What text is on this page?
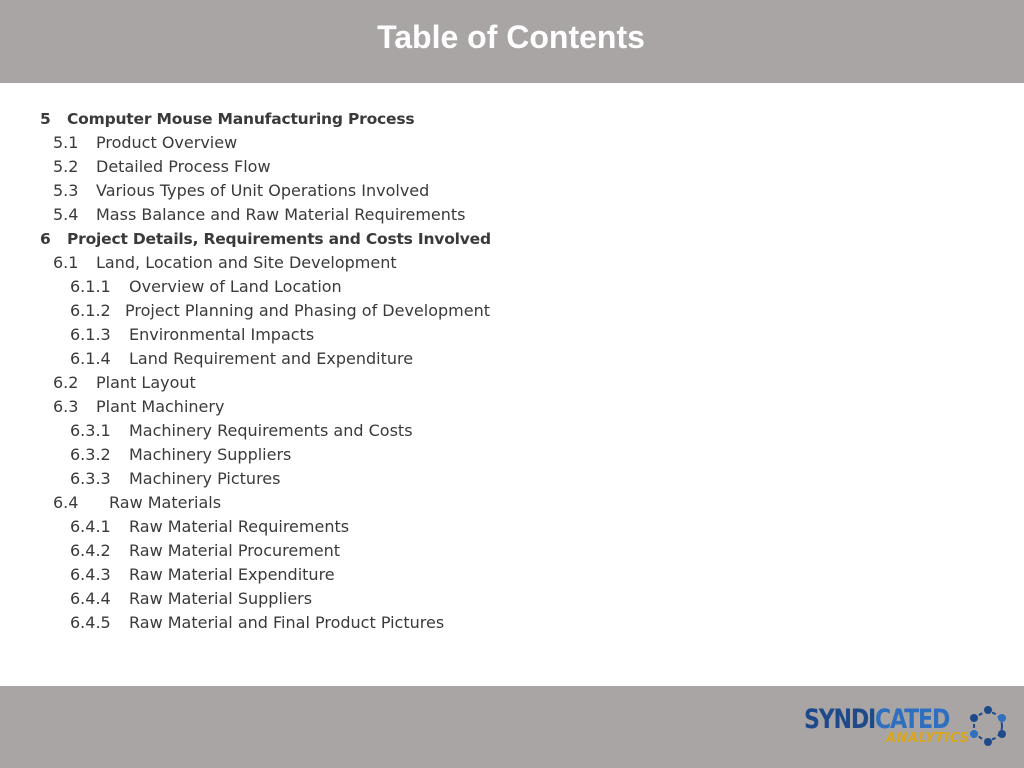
Table of Contents
5 Computer Mouse Manufacturing Process
5.1 Product Overview
5.2 Detailed Process Flow
5.3 Various Types of Unit Operations Involved
5.4 Mass Balance and Raw Material Requirements
6 Project Details, Requirements and Costs Involved
6.1 Land, Location and Site Development
6.1.1 Overview of Land Location
6.1.2 Project Planning and Phasing of Development
6.1.3 Environmental Impacts
6.1.4 Land Requirement and Expenditure
6.2 Plant Layout
6.3 Plant Machinery
6.3.1 Machinery Requirements and Costs
6.3.2 Machinery Suppliers
6.3.3 Machinery Pictures
6.4 Raw Materials
6.4.1 Raw Material Requirements
6.4.2 Raw Material Procurement
6.4.3 Raw Material Expenditure
6.4.4 Raw Material Suppliers
6.4.5 Raw Material and Final Product Pictures
SYNDICATED
ANALYTICS
